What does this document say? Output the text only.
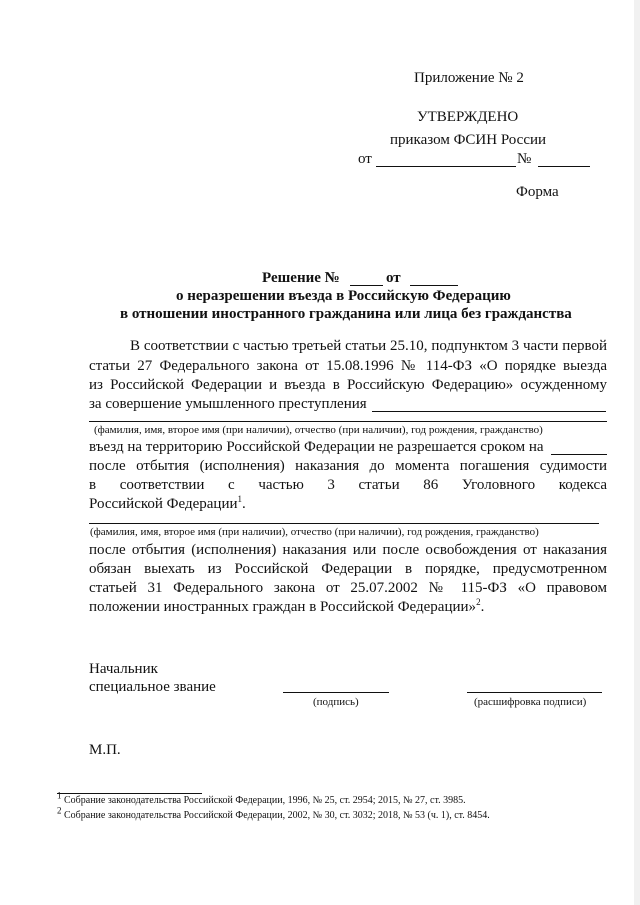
Приложение № 2
УТВЕРЖДЕНО
приказом ФСИН России
от	№
Форма
Решение №	от
о неразрешении въезда в Российскую Федерацию
в отношении иностранного гражданина или лица без гражданства
В соответствии с частью третьей статьи 25.10, подпунктом 3 части первой
статьи 27 Федерального закона от 15.08.1996 № 114-ФЗ «О порядке выезда
из Российской Федерации и въезда в Российскую Федерацию» осужденному
за совершение умышленного преступления
(фамилия, имя, второе имя (при наличии), отчество (при наличии), год рождения, гражданство)
въезд на территорию Российской Федерации не разрешается сроком на
после отбытия (исполнения) наказания до момента погашения судимости
в соответствии с частью 3 статьи 86 Уголовного кодекса
Российской Федерации$^1$.
(фамилия, имя, второе имя (при наличии), отчество (при наличии), год рождения, гражданство)
после отбытия (исполнения) наказания или после освобождения от наказания
обязан выехать из Российской Федерации в порядке, предусмотренном
статьей 31 Федерального закона от 25.07.2002 № 115-ФЗ «О правовом
положении иностранных граждан в Российской Федерации»$^2$.
Начальник
специальное звание
(подпись)	(расшифровка подписи)
М.П.
$^1$ Собрание законодательства Российской Федерации, 1996, № 25, ст. 2954; 2015, № 27, ст. 3985.
$^2$ Собрание законодательства Российской Федерации, 2002, № 30, ст. 3032; 2018, № 53 (ч. 1), ст. 8454.
